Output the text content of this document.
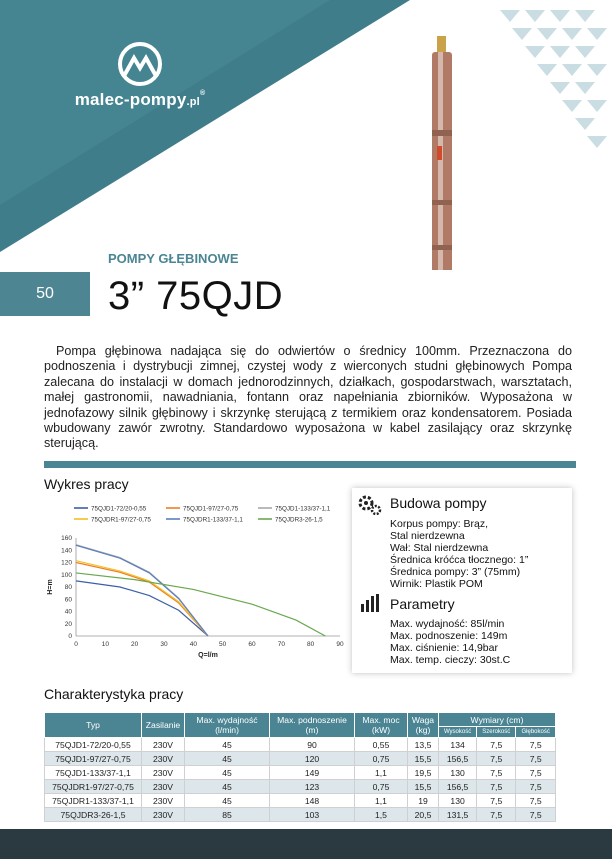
malec-pompy.pl®
50
POMPY GŁĘBINOWE
3” 75QJD
Pompa głębinowa nadająca się do odwiertów o średnicy 100mm. Przeznaczona do podnoszenia i dystrybucji zimnej, czystej wody z wierconych studni głębinowych Pompa zalecana do instalacji w domach jednorodzinnych, działkach, gospodarstwach, warsztatach, małej gastronomii, nawadniania, fontann oraz napełniania zbiorników. Wyposażona w jednofazowy silnik głębinowy i skrzynkę sterującą z termikiem oraz kondensatorem. Posiada wbudowany zawór zwrotny. Standardowo wyposażona w kabel zasilający oraz skrzynkę sterującą.
Wykres pracy
0	10	20	30	40	50	60	70	80	90
0
20
40
60
80
100
120
140
160
Q=l/m
H=m
75QJD1-72/20-0,55	75QJD1-97/27-0,75	75QJD1-133/37-1,1
75QJDR1-97/27-0,75	75QJDR1-133/37-1,1	75QJDR3-26-1,5
Budowa pompy
Korpus pompy: Brąz,
Stal nierdzewna
Wał: Stal nierdzewna
Średnica króćca tłocznego: 1”
Średnica pompy: 3” (75mm)
Wirnik: Plastik POM
Parametry
Max. wydajność: 85l/min
Max. podnoszenie: 149m
Max. ciśnienie: 14,9bar
Max. temp. cieczy: 30st.C
Charakterystyka pracy
Typ	Zasilanie	Max. wydajność (l/min)	Max. podnoszenie (m)	Max. moc (kW)	Waga (kg)	Wymiary (cm)		
						Wysokość	Szerokość	Głębokość
75QJD1-72/20-0,55	230V	45	90	0,55	13,5	134	7,5	7,5
75QJD1-97/27-0,75	230V	45	120	0,75	15,5	156,5	7,5	7,5
75QJD1-133/37-1,1	230V	45	149	1,1	19,5	130	7,5	7,5
75QJDR1-97/27-0,75	230V	45	123	0,75	15,5	156,5	7,5	7,5
75QJDR1-133/37-1,1	230V	45	148	1,1	19	130	7,5	7,5
75QJDR3-26-1,5	230V	85	103	1,5	20,5	131,5	7,5	7,5
